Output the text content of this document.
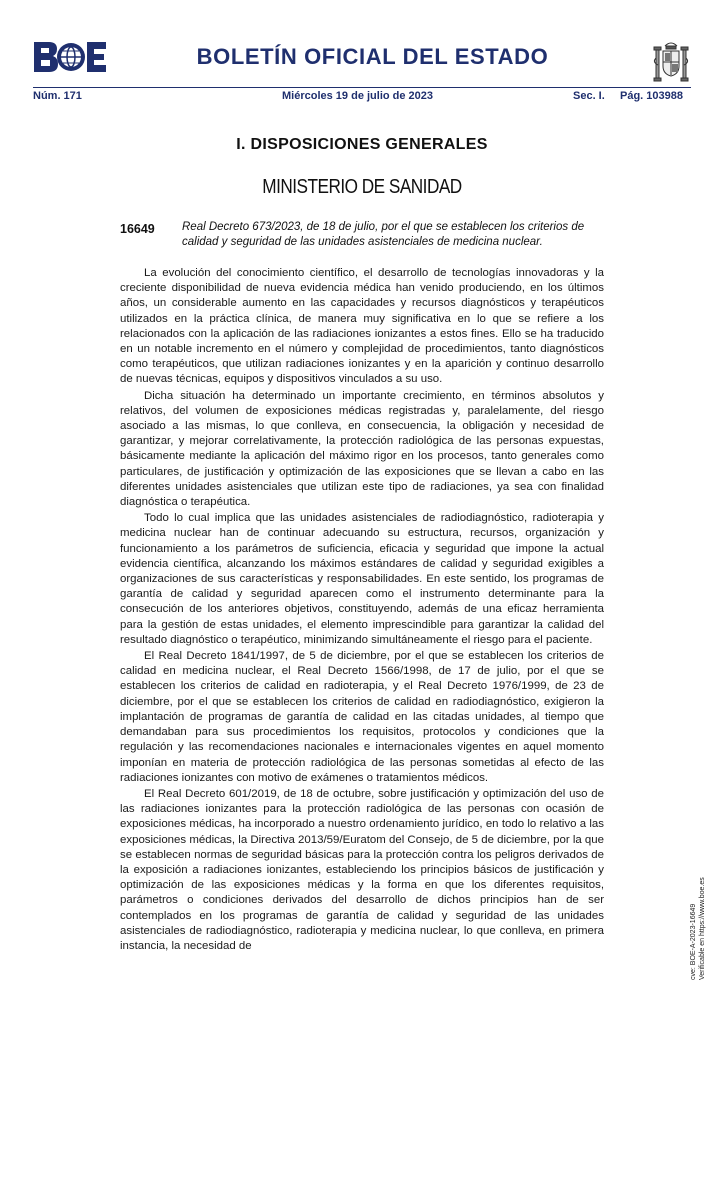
BOLETÍN OFICIAL DEL ESTADO
Núm. 171	Miércoles 19 de julio de 2023	Sec. I. Pág. 103988
I. DISPOSICIONES GENERALES
MINISTERIO DE SANIDAD
16649 Real Decreto 673/2023, de 18 de julio, por el que se establecen los criterios de calidad y seguridad de las unidades asistenciales de medicina nuclear.

La evolución del conocimiento científico, el desarrollo de tecnologías innovadoras y la creciente disponibilidad de nueva evidencia médica han venido produciendo, en los últimos años, un considerable aumento en las capacidades y recursos diagnósticos y terapéuticos utilizados en la práctica clínica, de manera muy significativa en lo que se refiere a los relacionados con la aplicación de las radiaciones ionizantes a estos fines. Ello se ha traducido en un notable incremento en el número y complejidad de procedimientos, tanto diagnósticos como terapéuticos, que utilizan radiaciones ionizantes y en la aparición y continuo desarrollo de nuevas técnicas, equipos y dispositivos vinculados a su uso.

Dicha situación ha determinado un importante crecimiento, en términos absolutos y relativos, del volumen de exposiciones médicas registradas y, paralelamente, del riesgo asociado a las mismas, lo que conlleva, en consecuencia, la obligación y necesidad de garantizar, y mejorar correlativamente, la protección radiológica de las personas expuestas, básicamente mediante la aplicación del máximo rigor en los procesos, tanto generales como particulares, de justificación y optimización de las exposiciones que se llevan a cabo en las diferentes unidades asistenciales que utilizan este tipo de radiaciones, ya sea con finalidad diagnóstica o terapéutica.

Todo lo cual implica que las unidades asistenciales de radiodiagnóstico, radioterapia y medicina nuclear han de continuar adecuando su estructura, recursos, organización y funcionamiento a los parámetros de suficiencia, eficacia y seguridad que impone la actual evidencia científica, alcanzando los máximos estándares de calidad y seguridad exigibles a organizaciones de sus características y responsabilidades. En este sentido, los programas de garantía de calidad y seguridad aparecen como el instrumento determinante para la consecución de los anteriores objetivos, constituyendo, además de una eficaz herramienta para la gestión de estas unidades, el elemento imprescindible para garantizar la calidad del resultado diagnóstico o terapéutico, minimizando simultáneamente el riesgo para el paciente.

El Real Decreto 1841/1997, de 5 de diciembre, por el que se establecen los criterios de calidad en medicina nuclear, el Real Decreto 1566/1998, de 17 de julio, por el que se establecen los criterios de calidad en radioterapia, y el Real Decreto 1976/1999, de 23 de diciembre, por el que se establecen los criterios de calidad en radiodiagnóstico, exigieron la implantación de programas de garantía de calidad en las citadas unidades, al tiempo que demandaban para sus procedimientos los requisitos, protocolos y condiciones que la regulación y las recomendaciones nacionales e internacionales vigentes en aquel momento imponían en materia de protección radiológica de las personas sometidas al efecto de las radiaciones ionizantes con motivo de exámenes o tratamientos médicos.

El Real Decreto 601/2019, de 18 de octubre, sobre justificación y optimización del uso de las radiaciones ionizantes para la protección radiológica de las personas con ocasión de exposiciones médicas, ha incorporado a nuestro ordenamiento jurídico, en todo lo relativo a las exposiciones médicas, la Directiva 2013/59/Euratom del Consejo, de 5 de diciembre, por la que se establecen normas de seguridad básicas para la protección contra los peligros derivados de la exposición a radiaciones ionizantes, estableciendo los principios básicos de justificación y optimización de las exposiciones médicas y la forma en que los diferentes requisitos, parámetros o condiciones derivados del desarrollo de dichos principios han de ser contemplados en los programas de garantía de calidad y seguridad de las unidades asistenciales de radiodiagnóstico, radioterapia y medicina nuclear, lo que conlleva, en primera instancia, la necesidad de	cve: BOE-A-2023-16649 Verificable en https://www.boe.es
